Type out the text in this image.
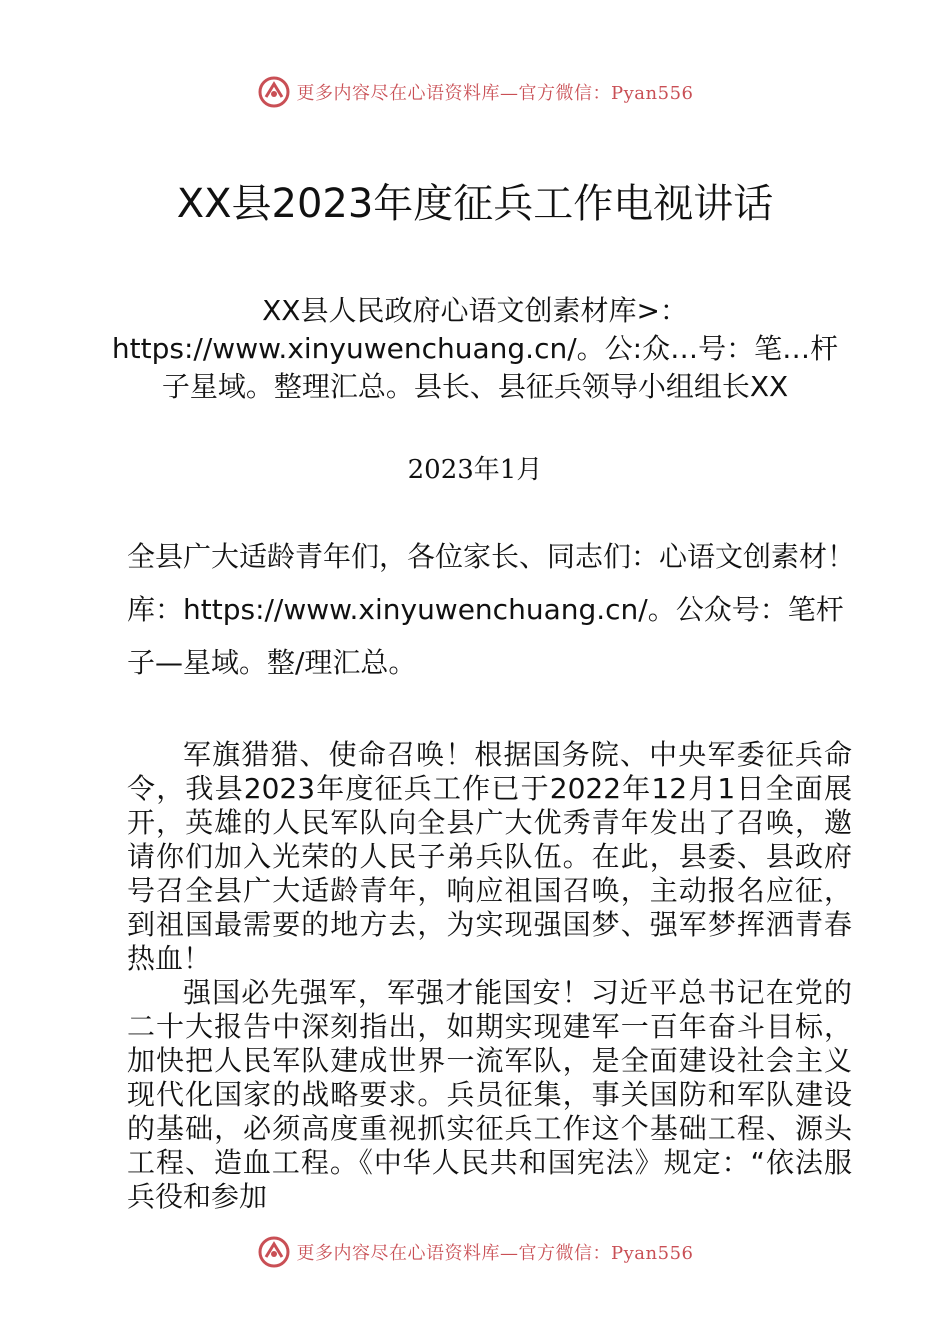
更多内容尽在心语资料库—官方微信：Pyan556
XX县2023年度征兵工作电视讲话
XX县人民政府心语文创素材库>：https://www.xinyuwenchuang.cn/。公:众…号：笔…杆子星域。整理汇总。县长、县征兵领导小组组长XX
2023年1月
全县广大适龄青年们，各位家长、同志们：心语文创素材！库：https://www.xinyuwenchuang.cn/。公众号：笔杆子—星域。整/理汇总。

军旗猎猎、使命召唤！根据国务院、中央军委征兵命令，我县2023年度征兵工作已于2022年12月1日全面展开，英雄的人民军队向全县广大优秀青年发出了召唤，邀请你们加入光荣的人民子弟兵队伍。在此，县委、县政府号召全县广大适龄青年，响应祖国召唤，主动报名应征，到祖国最需要的地方去，为实现强国梦、强军梦挥洒青春热血！

强国必先强军，军强才能国安！习近平总书记在党的二十大报告中深刻指出，如期实现建军一百年奋斗目标，加快把人民军队建成世界一流军队，是全面建设社会主义现代化国家的战略要求。兵员征集，事关国防和军队建设的基础，必须高度重视抓实征兵工作这个基础工程、源头工程、造血工程。《中华人民共和国宪法》规定：“依法服兵役和参加

更多内容尽在心语资料库—官方微信：Pyan556
